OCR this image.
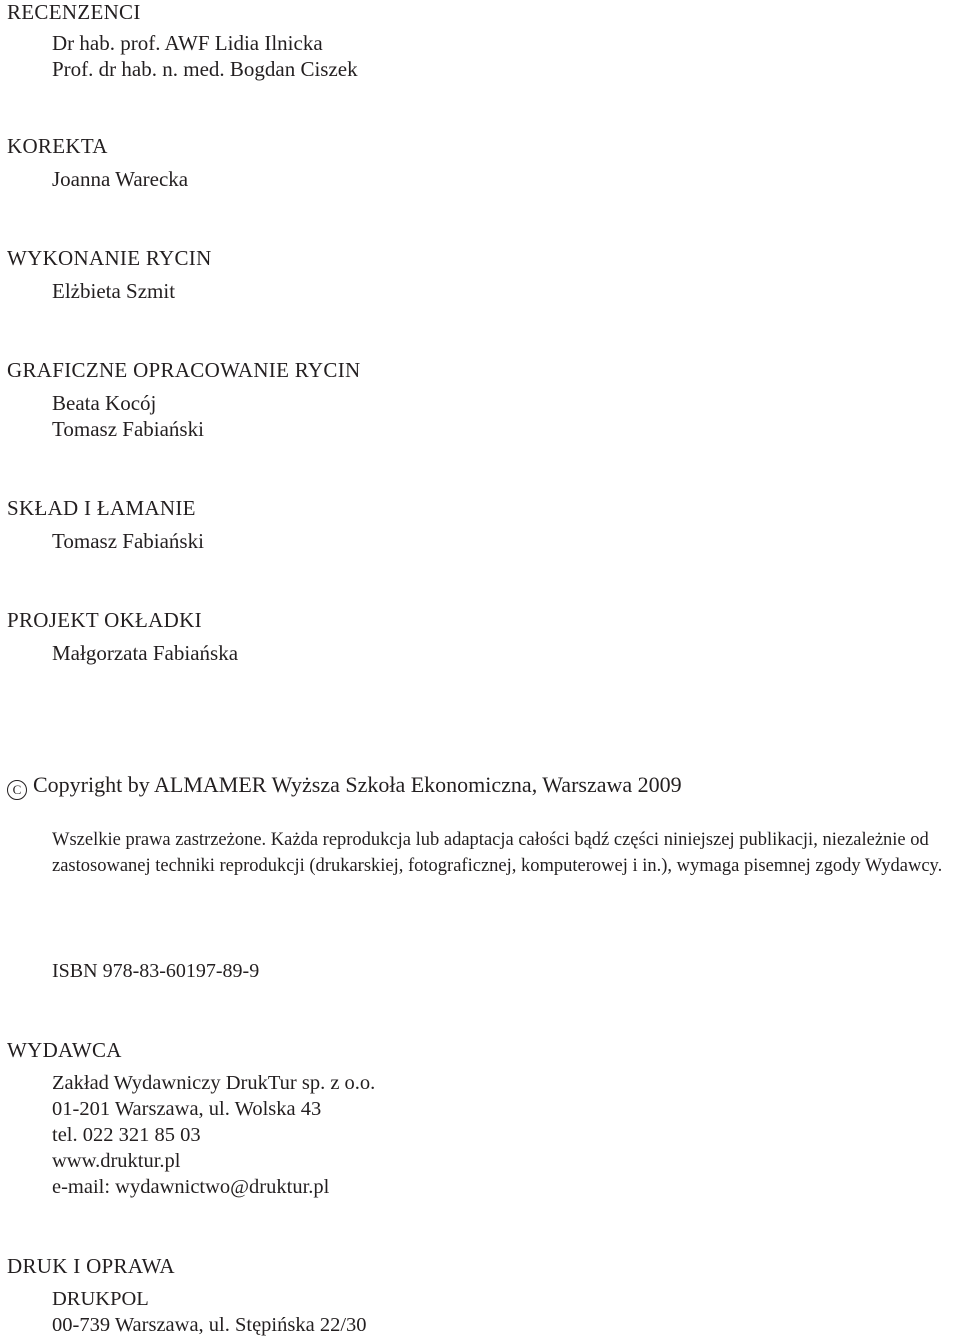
RECENZENCI
Dr hab. prof. AWF Lidia Ilnicka
Prof. dr hab. n. med. Bogdan Ciszek
KOREKTA
Joanna Warecka
WYKONANIE RYCIN
Elżbieta Szmit
GRAFICZNE OPRACOWANIE RYCIN
Beata Kocój
Tomasz Fabiański
SKŁAD I ŁAMANIE
Tomasz Fabiański
PROJEKT OKŁADKI
Małgorzata Fabiańska
C Copyright by ALMAMER Wyższa Szkoła Ekonomiczna, Warszawa 2009
Wszelkie prawa zastrzeżone. Każda reprodukcja lub adaptacja całości bądź części niniejszej publikacji, niezależnie od zastosowanej techniki reprodukcji (drukarskiej, fotograficznej, komputerowej i in.), wymaga pisemnej zgody Wydawcy.
ISBN 978-83-60197-89-9
WYDAWCA
Zakład Wydawniczy DrukTur sp. z o.o.
01-201 Warszawa, ul. Wolska 43
tel. 022 321 85 03
www.druktur.pl
e-mail: wydawnictwo@druktur.pl
DRUK I OPRAWA
DRUKPOL
00-739 Warszawa, ul. Stępińska 22/30
